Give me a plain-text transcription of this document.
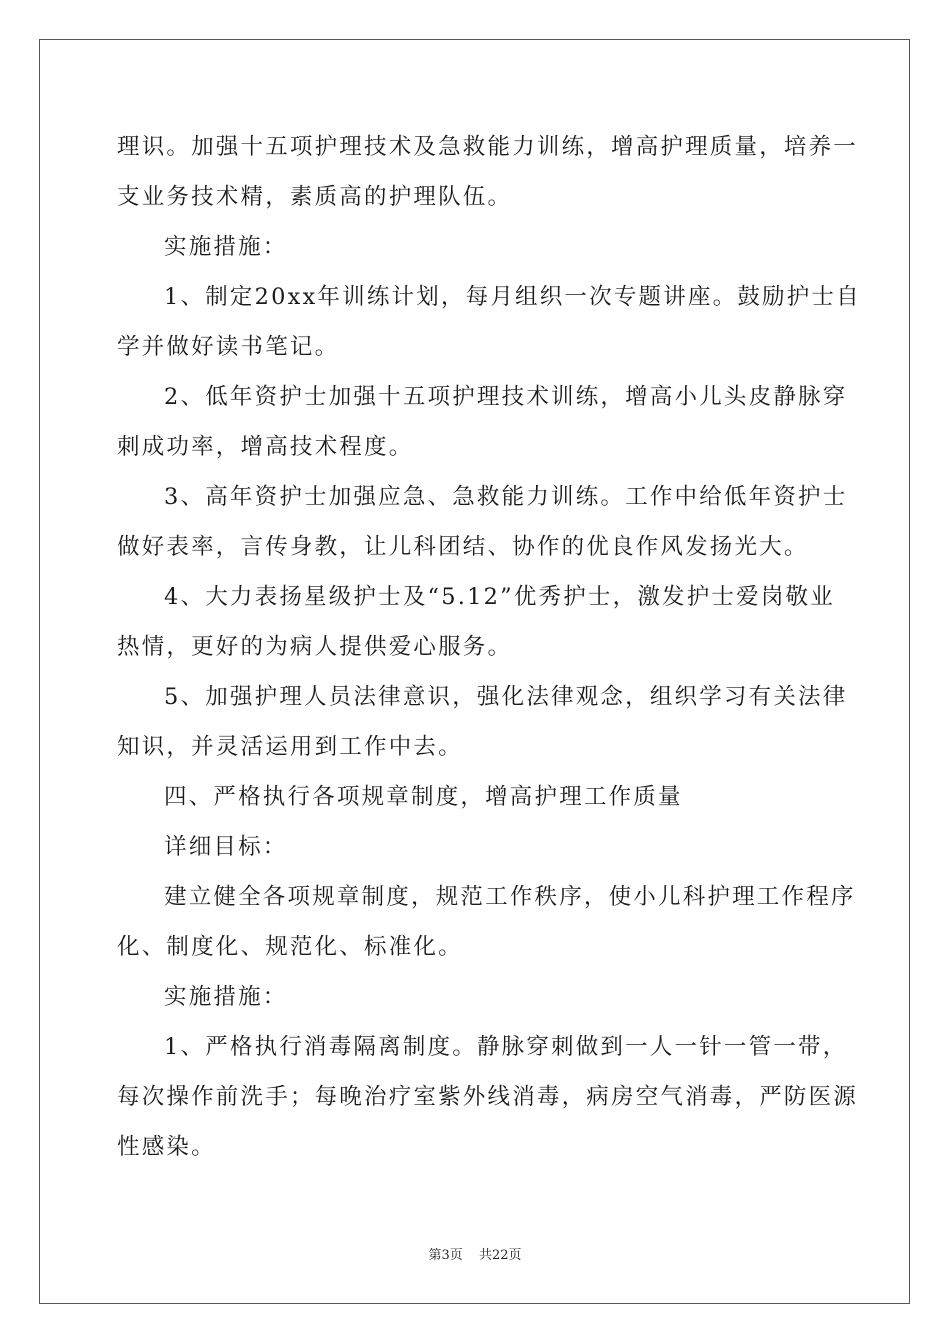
理识。加强十五项护理技术及急救能力训练，增高护理质量，培养一
支业务技术精，素质高的护理队伍。
实施措施：
1、制定20xx年训练计划，每月组织一次专题讲座。鼓励护士自
学并做好读书笔记。
2、低年资护士加强十五项护理技术训练，增高小儿头皮静脉穿
刺成功率，增高技术程度。
3、高年资护士加强应急、急救能力训练。工作中给低年资护士
做好表率，言传身教，让儿科团结、协作的优良作风发扬光大。
4、大力表扬星级护士及“5.12”优秀护士，激发护士爱岗敬业
热情，更好的为病人提供爱心服务。
5、加强护理人员法律意识，强化法律观念，组织学习有关法律
知识，并灵活运用到工作中去。
四、严格执行各项规章制度，增高护理工作质量
详细目标：
建立健全各项规章制度，规范工作秩序，使小儿科护理工作程序
化、制度化、规范化、标准化。
实施措施：
1、严格执行消毒隔离制度。静脉穿刺做到一人一针一管一带，
每次操作前洗手；每晚治疗室紫外线消毒，病房空气消毒，严防医源
性感染。
第3页 共22页
